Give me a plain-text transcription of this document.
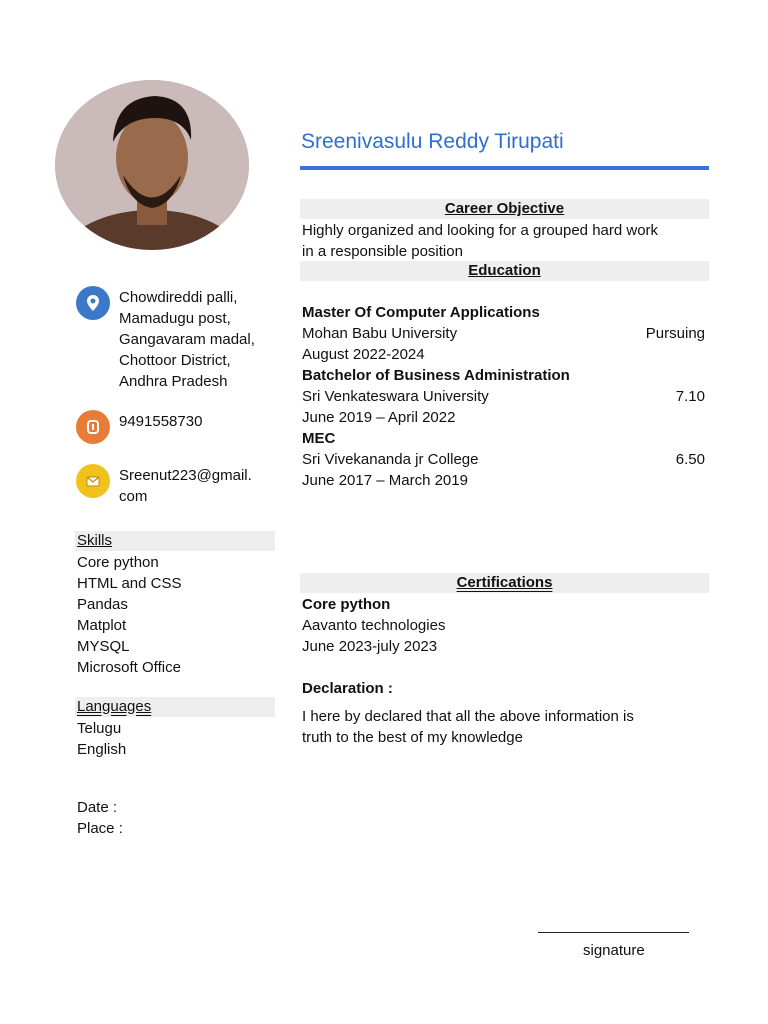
Sreenivasulu Reddy Tirupati
Chowdireddi palli,
Mamadugu post,
Gangavaram madal,
Chottoor District,
Andhra Pradesh
9491558730
Sreenut223@gmail.
com
Skills
Core python
HTML and CSS
Pandas
Matplot
MYSQL
Microsoft Office
Languages
Telugu
English
Date :
Place :
Career Objective
Highly organized and looking for a grouped hard work
in a responsible position
Education
Master Of Computer Applications
Mohan Babu University	Pursuing
August 2022-2024
Batchelor of Business Administration
Sri Venkateswara University	7.10
June 2019 – April 2022
MEC
Sri Vivekananda jr College	6.50
June 2017 – March 2019
Certifications
Core python
Aavanto technologies
June 2023-july 2023
Declaration :
I here by declared that all the above information is
truth to the best of my knowledge
signature
